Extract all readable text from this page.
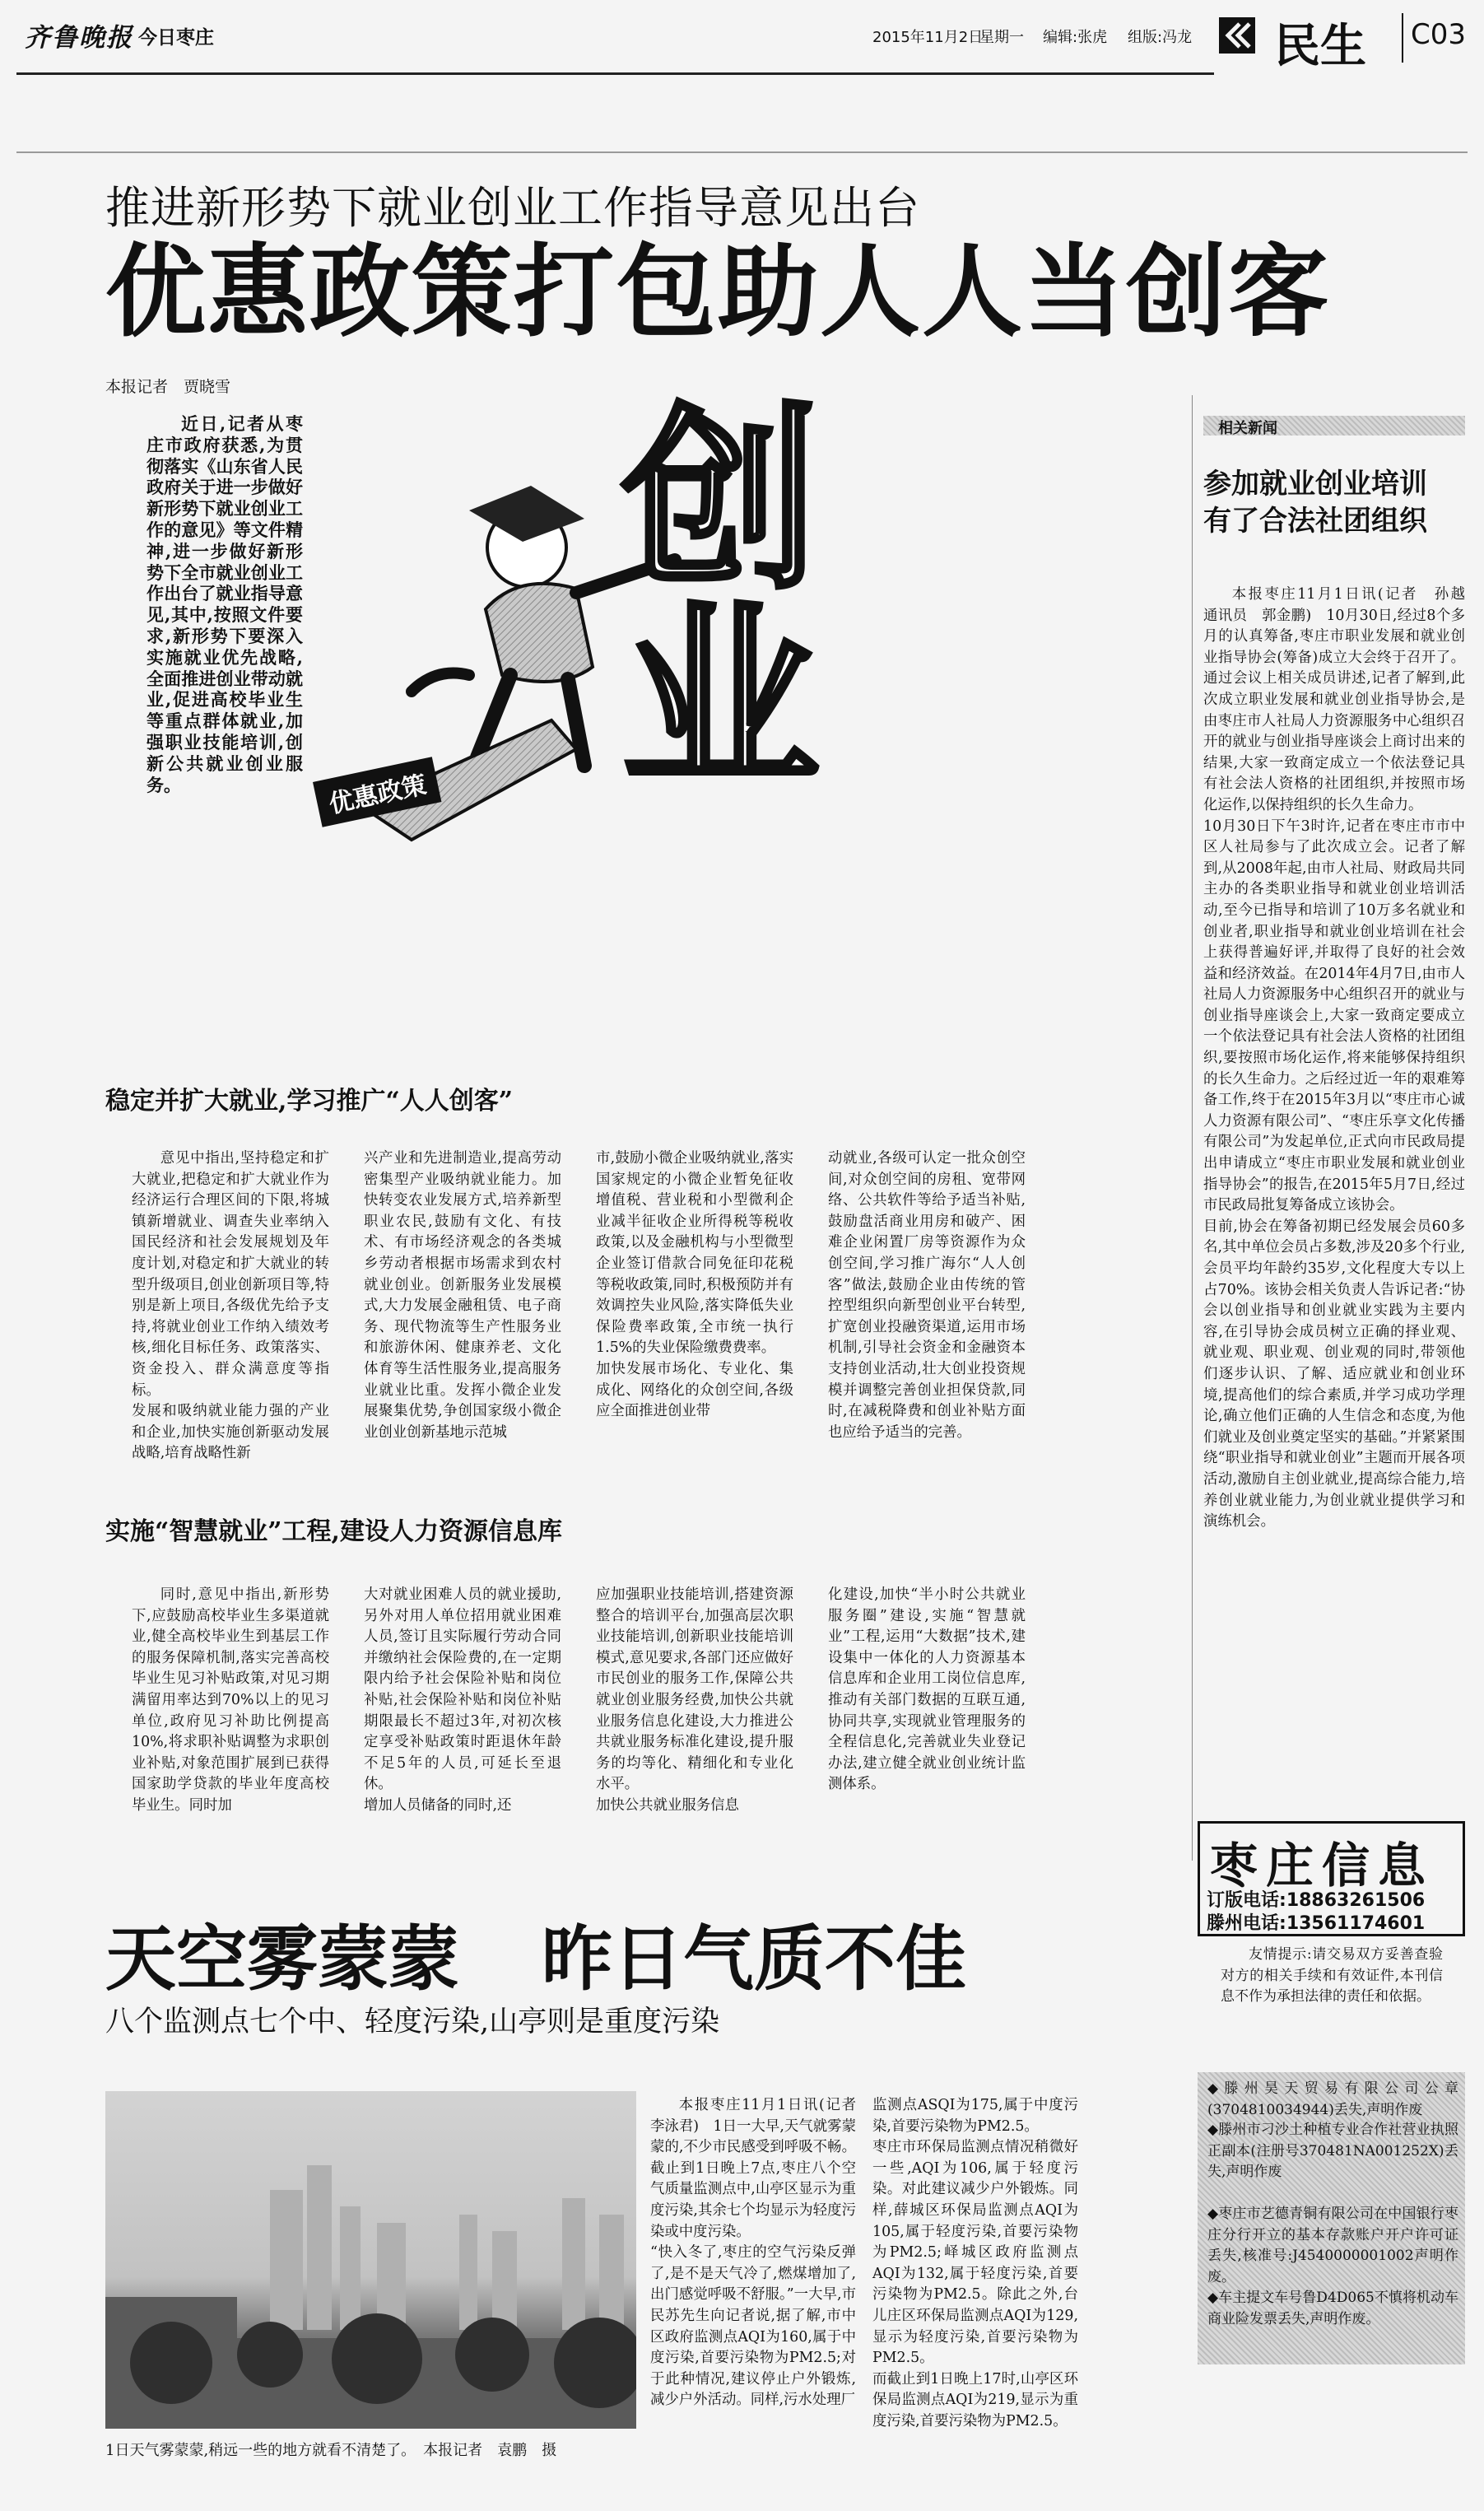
齐鲁晚报 今日枣庄	2015年11月2日
星期一 编辑:张虎 组版:冯龙 民生 C03
推进新形势下就业创业工作指导意见出台
优惠政策打包助人人当创客
本报记者　贾晓雪

近日,记者从枣庄市政府获悉,为贯彻落实《山东省人民政府关于进一步做好新形势下就业创业工作的意见》等文件精神,进一步做好新形势下全市就业创业工作出台了就业指导意见,其中,按照文件要求,新形势下要深入实施就业优先战略,全面推进创业带动就业,促进高校毕业生等重点群体就业,加强职业技能培训,创新公共就业创业服务。	创业
优惠政策
稳定并扩大就业,学习推广“人人创客”

意见中指出,坚持稳定和扩大就业,把稳定和扩大就业作为经济运行合理区间的下限,将城镇新增就业、调查失业率纳入国民经济和社会发展规划及年度计划,对稳定和扩大就业的转型升级项目,创业创新项目等,特别是新上项目,各级优先给予支持,将就业创业工作纳入绩效考核,细化目标任务、政策落实、资金投入、群众满意度等指标。
发展和吸纳就业能力强的产业和企业,加快实施创新驱动发展战略,培育战略性新

兴产业和先进制造业,提高劳动密集型产业吸纳就业能力。加快转变农业发展方式,培养新型职业农民,鼓励有文化、有技术、有市场经济观念的各类城乡劳动者根据市场需求到农村就业创业。创新服务业发展模式,大力发展金融租赁、电子商务、现代物流等生产性服务业和旅游休闲、健康养老、文化体育等生活性服务业,提高服务业就业比重。发挥小微企业发展聚集优势,争创国家级小微企业创业创新基地示范城

市,鼓励小微企业吸纳就业,落实国家规定的小微企业暂免征收增值税、营业税和小型微利企业减半征收企业所得税等税收政策,以及金融机构与小型微型企业签订借款合同免征印花税等税收政策,同时,积极预防并有效调控失业风险,落实降低失业保险费率政策,全市统一执行1.5%的失业保险缴费费率。
加快发展市场化、专业化、集成化、网络化的众创空间,各级应全面推进创业带

动就业,各级可认定一批众创空间,对众创空间的房租、宽带网络、公共软件等给予适当补贴,鼓励盘活商业用房和破产、困难企业闲置厂房等资源作为众创空间,学习推广海尔“人人创客”做法,鼓励企业由传统的管控型组织向新型创业平台转型,扩宽创业投融资渠道,运用市场机制,引导社会资金和金融资本支持创业活动,壮大创业投资规模并调整完善创业担保贷款,同时,在减税降费和创业补贴方面也应给予适当的完善。

实施“智慧就业”工程,建设人力资源信息库

同时,意见中指出,新形势下,应鼓励高校毕业生多渠道就业,健全高校毕业生到基层工作的服务保障机制,落实完善高校毕业生见习补贴政策,对见习期满留用率达到70%以上的见习单位,政府见习补助比例提高10%,将求职补贴调整为求职创业补贴,对象范围扩展到已获得国家助学贷款的毕业年度高校毕业生。同时加

大对就业困难人员的就业援助,另外对用人单位招用就业困难人员,签订且实际履行劳动合同并缴纳社会保险费的,在一定期限内给予社会保险补贴和岗位补贴,社会保险补贴和岗位补贴期限最长不超过3年,对初次核定享受补贴政策时距退休年龄不足5年的人员,可延长至退休。
增加人员储备的同时,还

应加强职业技能培训,搭建资源整合的培训平台,加强高层次职业技能培训,创新职业技能培训模式,意见要求,各部门还应做好市民创业的服务工作,保障公共就业创业服务经费,加快公共就业服务信息化建设,大力推进公共就业服务标准化建设,提升服务的均等化、精细化和专业化水平。
加快公共就业服务信息

化建设,加快“半小时公共就业服务圈”建设,实施“智慧就业”工程,运用“大数据”技术,建设集中一体化的人力资源基本信息库和企业用工岗位信息库,推动有关部门数据的互联互通,协同共享,实现就业管理服务的全程信息化,完善就业失业登记办法,建立健全就业创业统计监测体系。

相关新闻
参加就业创业培训
有了合法社团组织

本报枣庄11月1日讯(记者　孙越　通讯员　郭金鹏)　10月30日,经过8个多月的认真筹备,枣庄市职业发展和就业创业指导协会(筹备)成立大会终于召开了。通过会议上相关成员讲述,记者了解到,此次成立职业发展和就业创业指导协会,是由枣庄市人社局人力资源服务中心组织召开的就业与创业指导座谈会上商讨出来的结果,大家一致商定成立一个依法登记具有社会法人资格的社团组织,并按照市场化运作,以保持组织的长久生命力。
10月30日下午3时许,记者在枣庄市市中区人社局参与了此次成立会。记者了解到,从2008年起,由市人社局、财政局共同主办的各类职业指导和就业创业培训活动,至今已指导和培训了10万多名就业和创业者,职业指导和就业创业培训在社会上获得普遍好评,并取得了良好的社会效益和经济效益。在2014年4月7日,由市人社局人力资源服务中心组织召开的就业与创业指导座谈会上,大家一致商定要成立一个依法登记具有社会法人资格的社团组织,要按照市场化运作,将来能够保持组织的长久生命力。之后经过近一年的艰难筹备工作,终于在2015年3月以“枣庄市心诚人力资源有限公司”、“枣庄乐享文化传播有限公司”为发起单位,正式向市民政局提出申请成立“枣庄市职业发展和就业创业指导协会”的报告,在2015年5月7日,经过市民政局批复筹备成立该协会。
目前,协会在筹备初期已经发展会员60多名,其中单位会员占多数,涉及20多个行业,会员平均年龄约35岁,文化程度大专以上占70%。该协会相关负责人告诉记者:“协会以创业指导和创业就业实践为主要内容,在引导协会成员树立正确的择业观、就业观、职业观、创业观的同时,带领他们逐步认识、了解、适应就业和创业环境,提高他们的综合素质,并学习成功学理论,确立他们正确的人生信念和态度,为他们就业及创业奠定坚实的基础。”并紧紧围绕“职业指导和就业创业”主题而开展各项活动,激励自主创业就业,提高综合能力,培养创业就业能力,为创业就业提供学习和演练机会。

枣庄信息
订版电话:18863261506
滕州电话:13561174601

友情提示:请交易双方妥善查验对方的相关手续和有效证件,本刊信息不作为承担法律的责任和依据。

◆滕州昊天贸易有限公司公章(3704810034944)丢失,声明作废

◆滕州市刁沙土种植专业合作社营业执照正副本(注册号370481NA001252X)丢失,声明作废

◆枣庄市艺德青铜有限公司在中国银行枣庄分行开立的基本存款账户开户许可证丢失,核准号:J4540000001002声明作废。

◆车主提文车号鲁D4D065不慎将机动车商业险发票丢失,声明作废。

天空雾蒙蒙 昨日气质不佳
八个监测点七个中、轻度污染,山亭则是重度污染
1日天气雾蒙蒙,稍远一些的地方就看不清楚了。　本报记者　袁鹏　摄

本报枣庄11月1日讯(记者　李泳君)　1日一大早,天气就雾蒙蒙的,不少市民感受到呼吸不畅。截止到1日晚上7点,枣庄八个空气质量监测点中,山亭区显示为重度污染,其余七个均显示为轻度污染或中度污染。
“快入冬了,枣庄的空气污染反弹了,是不是天气冷了,燃煤增加了,出门感觉呼吸不舒服。”一大早,市民苏先生向记者说,据了解,市中区政府监测点AQI为160,属于中度污染,首要污染物为PM2.5;对于此种情况,建议停止户外锻炼,减少户外活动。同样,污水处理厂

监测点ASQI为175,属于中度污染,首要污染物为PM2.5。
枣庄市环保局监测点情况稍微好一些,AQI为106,属于轻度污染。对此建议减少户外锻炼。同样,薛城区环保局监测点AQI为105,属于轻度污染,首要污染物为PM2.5;峄城区政府监测点AQI为132,属于轻度污染,首要污染物为PM2.5。除此之外,台儿庄区环保局监测点AQI为129,显示为轻度污染,首要污染物为PM2.5。
而截止到1日晚上17时,山亭区环保局监测点AQI为219,显示为重度污染,首要污染物为PM2.5。
